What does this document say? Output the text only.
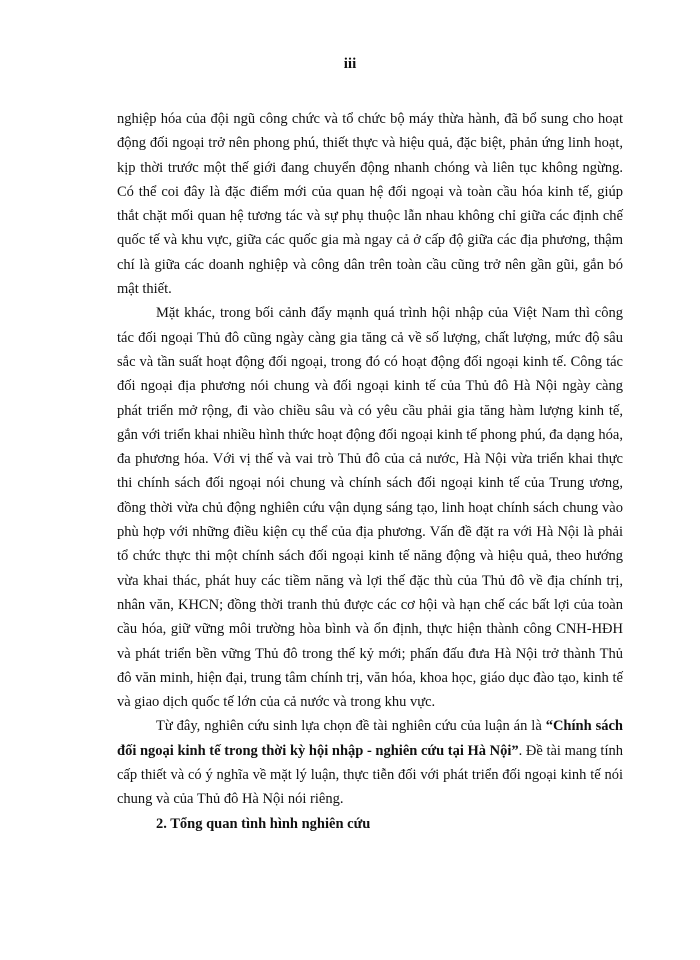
iii

nghiệp hóa của đội ngũ công chức và tổ chức bộ máy thừa hành, đã bổ sung cho hoạt động đối ngoại trở nên phong phú, thiết thực và hiệu quả, đặc biệt, phản ứng linh hoạt, kịp thời trước một thế giới đang chuyển động nhanh chóng và liên tục không ngừng. Có thể coi đây là đặc điểm mới của quan hệ đối ngoại và toàn cầu hóa kinh tế, giúp thắt chặt mối quan hệ tương tác và sự phụ thuộc lẫn nhau không chỉ giữa các định chế quốc tế và khu vực, giữa các quốc gia mà ngay cả ở cấp độ giữa các địa phương, thậm chí là giữa các doanh nghiệp và công dân trên toàn cầu cũng trở nên gần gũi, gắn bó mật thiết.

Mặt khác, trong bối cảnh đẩy mạnh quá trình hội nhập của Việt Nam thì công tác đối ngoại Thủ đô cũng ngày càng gia tăng cả về số lượng, chất lượng, mức độ sâu sắc và tần suất hoạt động đối ngoại, trong đó có hoạt động đối ngoại kinh tế. Công tác đối ngoại địa phương nói chung và đối ngoại kinh tế của Thủ đô Hà Nội ngày càng phát triển mở rộng, đi vào chiều sâu và có yêu cầu phải gia tăng hàm lượng kinh tế, gắn với triển khai nhiều hình thức hoạt động đối ngoại kinh tế phong phú, đa dạng hóa, đa phương hóa. Với vị thế và vai trò Thủ đô của cả nước, Hà Nội vừa triển khai thực thi chính sách đối ngoại nói chung và chính sách đối ngoại kinh tế của Trung ương, đồng thời vừa chủ động nghiên cứu vận dụng sáng tạo, linh hoạt chính sách chung vào phù hợp với những điều kiện cụ thể của địa phương. Vấn đề đặt ra với Hà Nội là phải tổ chức thực thi một chính sách đối ngoại kinh tế năng động và hiệu quả, theo hướng vừa khai thác, phát huy các tiềm năng và lợi thế đặc thù của Thủ đô về địa chính trị, nhân văn, KHCN; đồng thời tranh thủ được các cơ hội và hạn chế các bất lợi của toàn cầu hóa, giữ vững môi trường hòa bình và ổn định, thực hiện thành công CNH-HĐH và phát triển bền vững Thủ đô trong thế kỷ mới; phấn đấu đưa Hà Nội trở thành Thủ đô văn minh, hiện đại, trung tâm chính trị, văn hóa, khoa học, giáo dục đào tạo, kinh tế và giao dịch quốc tế lớn của cả nước và trong khu vực.

Từ đây, nghiên cứu sinh lựa chọn đề tài nghiên cứu của luận án là “Chính sách đối ngoại kinh tế trong thời kỳ hội nhập - nghiên cứu tại Hà Nội”. Đề tài mang tính cấp thiết và có ý nghĩa về mặt lý luận, thực tiễn đối với phát triển đối ngoại kinh tế nói chung và của Thủ đô Hà Nội nói riêng.

2. Tổng quan tình hình nghiên cứu
